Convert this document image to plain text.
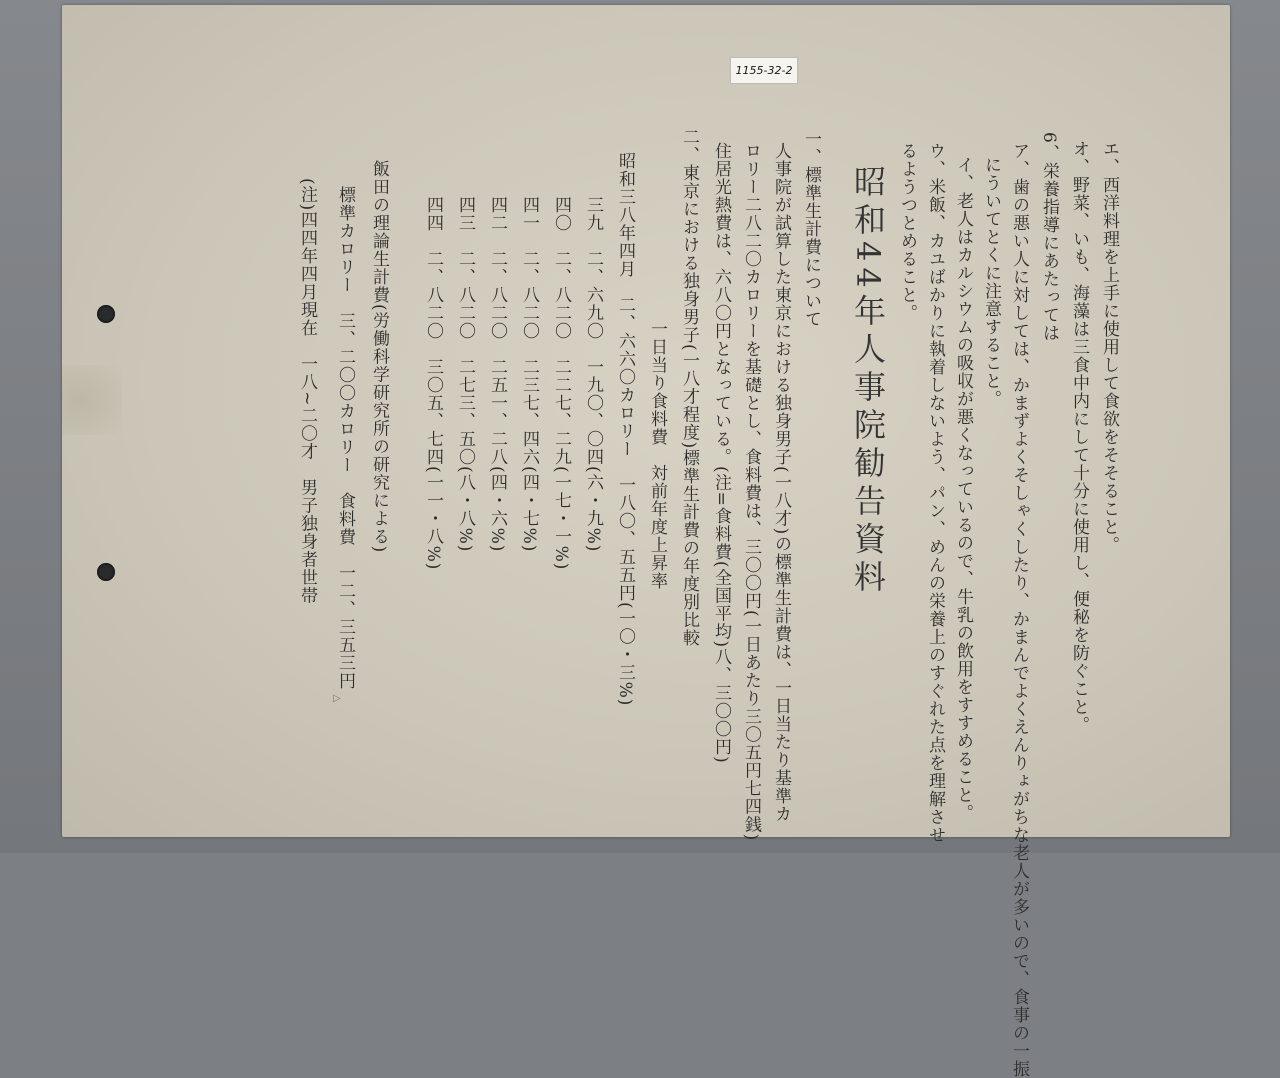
1155-32-2
昭和44年人事院勧告資料	エ、西洋料理を上手に使用して食欲をそそること。
オ、野菜、いも、海藻は三食中内にして十分に使用し、便秘を防ぐこと。
6、栄養指導にあたっては
ア、歯の悪い人に対しては、かまずよくそしゃくしたり、かまんでよくえんりょがちな老人が多いので、食事の一振
にういてとくに注意すること。
イ、老人はカルシウムの吸収が悪くなっているので、牛乳の飲用をすすめること。
ウ、米飯、カユばかりに執着しないよう、パン、めんの栄養上のすぐれた点を理解させ
るようつとめること。
一、標準生計費について
人事院が試算した東京における独身男子(一八才)の標準生計費は、一日当たり基準カ
ロリー二八二〇カロリーを基礎とし、食料費は、三〇〇円(一日あたり三〇五円七四銭)
住居光熱費は、六八〇円となっている。(注=食料費(全国平均)八、三〇〇円)
二、東京における独身男子(一八才程度)標準生計費の年度別比較
一日当り食料費　対前年度上昇率
昭和三八年四月　二、六六〇カロリー　一八〇、五五円(一〇・三%)
三九　二、六九〇　一九〇、〇四(六・九%)
四〇　二、八二〇　二二七、二九(一七・一%)
四一　二、八二〇　二三七、四六(四・七%)
四二　二、八二〇　二五一、二八(四・六%)
四三　二、八二〇　二七三、五〇(八・八%)
四四　二、八二〇　三〇五、七四(一一・八%)
飯田の理論生計費(労働科学研究所の研究による)
標準カロリー　三、二〇〇カロリー　食料費　一二、三五三円
(注)四四年四月現在　一八~二〇才　男子独身者世帯
▷
